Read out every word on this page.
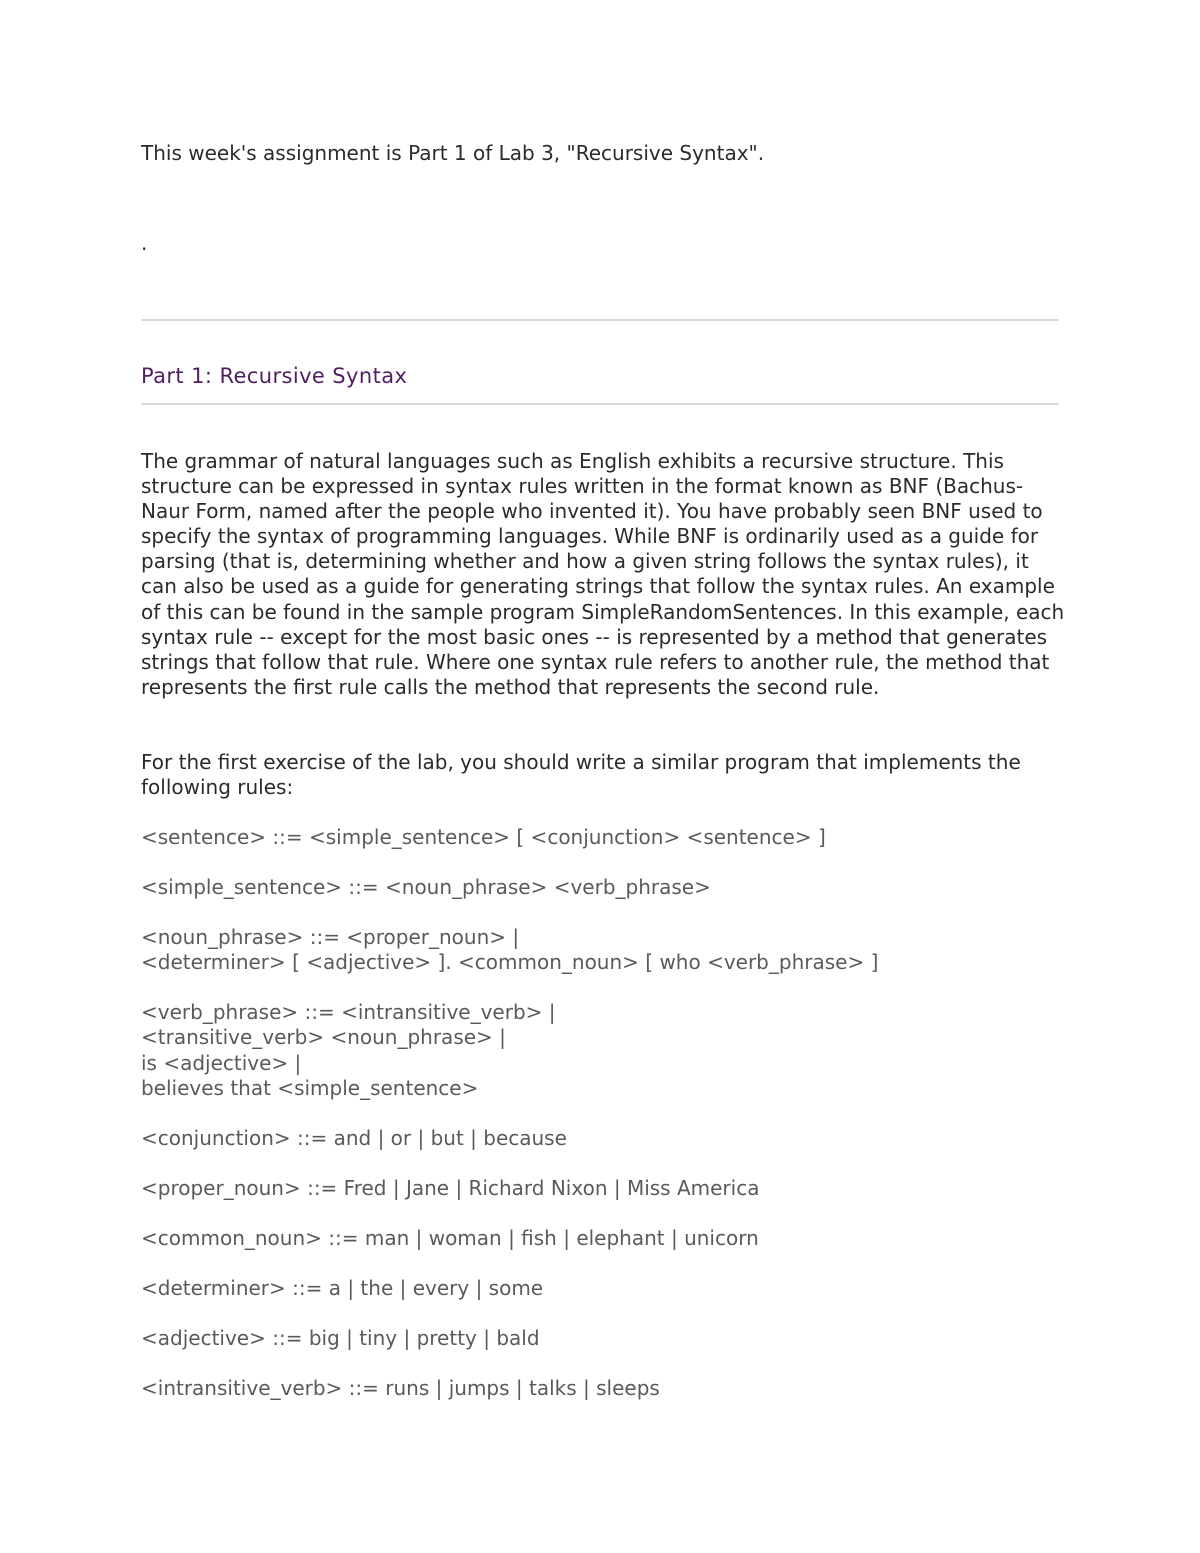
This week's assignment is Part 1 of Lab 3, "Recursive Syntax".

.

Part 1: Recursive Syntax

The grammar of natural languages such as English exhibits a recursive structure. This structure can be expressed in syntax rules written in the format known as BNF (Bachus-Naur Form, named after the people who invented it). You have probably seen BNF used to specify the syntax of programming languages. While BNF is ordinarily used as a guide for parsing (that is, determining whether and how a given string follows the syntax rules), it can also be used as a guide for generating strings that follow the syntax rules. An example of this can be found in the sample program SimpleRandomSentences. In this example, each syntax rule -- except for the most basic ones -- is represented by a method that generates strings that follow that rule. Where one syntax rule refers to another rule, the method that represents the first rule calls the method that represents the second rule.

For the first exercise of the lab, you should write a similar program that implements the following rules:

<sentence> ::= <simple_sentence> [ <conjunction> <sentence> ]

<simple_sentence> ::= <noun_phrase> <verb_phrase>

<noun_phrase> ::= <proper_noun> |
<determiner> [ <adjective> ]. <common_noun> [ who <verb_phrase> ]

<verb_phrase> ::= <intransitive_verb> |
<transitive_verb> <noun_phrase> |
is <adjective> |
believes that <simple_sentence>

<conjunction> ::= and | or | but | because

<proper_noun> ::= Fred | Jane | Richard Nixon | Miss America

<common_noun> ::= man | woman | fish | elephant | unicorn

<determiner> ::= a | the | every | some

<adjective> ::= big | tiny | pretty | bald

<intransitive_verb> ::= runs | jumps | talks | sleeps
